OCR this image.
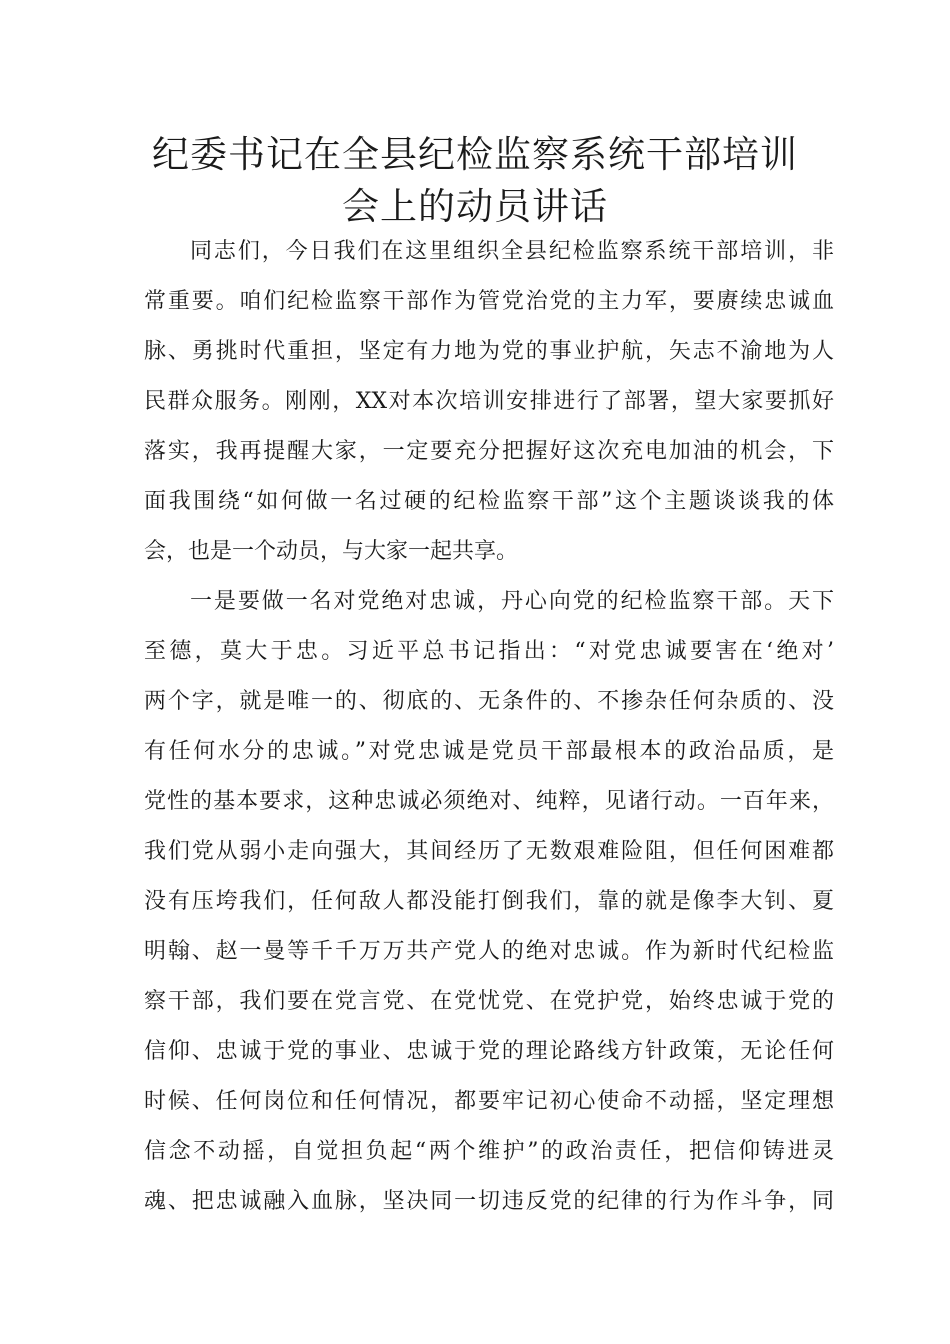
纪委书记在全县纪检监察系统干部培训
会上的动员讲话
同志们，今日我们在这里组织全县纪检监察系统干部培训，非
常重要。咱们纪检监察干部作为管党治党的主力军，要赓续忠诚血
脉、勇挑时代重担，坚定有力地为党的事业护航，矢志不渝地为人
民群众服务。刚刚，XX对本次培训安排进行了部署，望大家要抓好
落实，我再提醒大家，一定要充分把握好这次充电加油的机会，下
面我围绕“如何做一名过硬的纪检监察干部”这个主题谈谈我的体
会，也是一个动员，与大家一起共享。
一是要做一名对党绝对忠诚，丹心向党的纪检监察干部。天下
至德，莫大于忠。习近平总书记指出：“对党忠诚要害在‘绝对’
两个字，就是唯一的、彻底的、无条件的、不掺杂任何杂质的、没
有任何水分的忠诚。”对党忠诚是党员干部最根本的政治品质，是
党性的基本要求，这种忠诚必须绝对、纯粹，见诸行动。一百年来，
我们党从弱小走向强大，其间经历了无数艰难险阻，但任何困难都
没有压垮我们，任何敌人都没能打倒我们，靠的就是像李大钊、夏
明翰、赵一曼等千千万万共产党人的绝对忠诚。作为新时代纪检监
察干部，我们要在党言党、在党忧党、在党护党，始终忠诚于党的
信仰、忠诚于党的事业、忠诚于党的理论路线方针政策，无论任何
时候、任何岗位和任何情况，都要牢记初心使命不动摇，坚定理想
信念不动摇，自觉担负起“两个维护”的政治责任，把信仰铸进灵
魂、把忠诚融入血脉，坚决同一切违反党的纪律的行为作斗争，同
